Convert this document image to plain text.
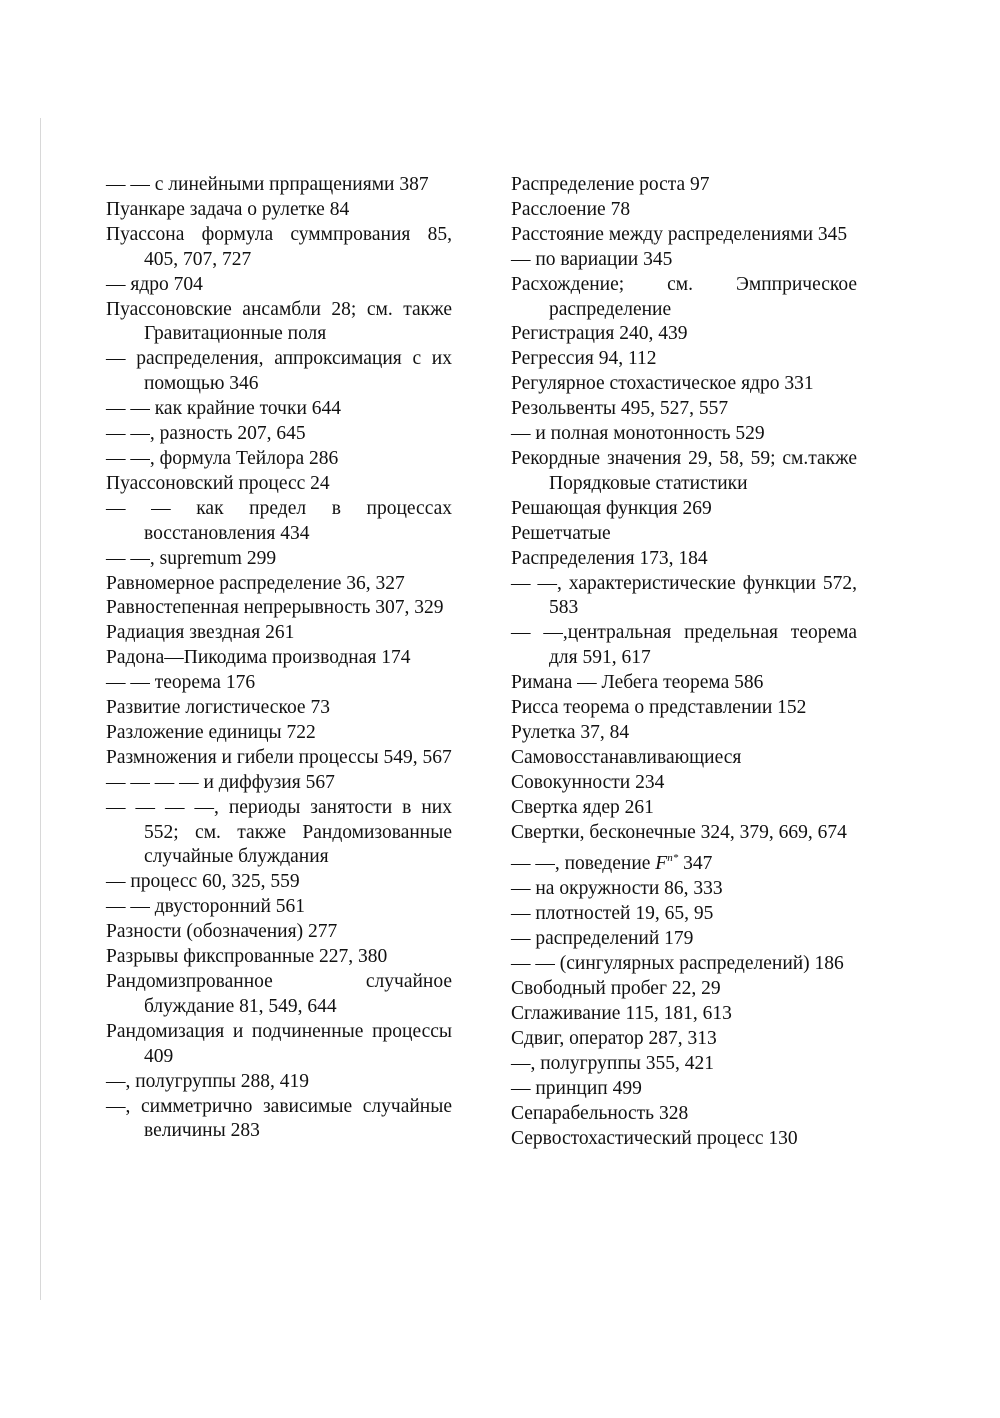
— — с линейными прпращениями 387

Пуанкаре задача о рулетке 84

Пуассона формула суммпрования 85, 405, 707, 727

— ядро 704

Пуассоновские ансамбли 28; см. также Гравитационные поля

— распределения, аппроксимация с их помощью 346

— — как крайние точки 644

— —, разность 207, 645

— —, формула Тейлора 286

Пуассоновский процесс 24

— — как предел в процессах восстановления 434

— —, supremum 299

Равномерное распределение 36, 327

Равностепенная непрерывность 307, 329

Радиация звездная 261

Радона—Пикодима производная 174

— — теорема 176

Развитие логистическое 73

Разложение единицы 722

Размножения и гибели процессы 549, 567

— — — — и диффузия 567

— — — —, периоды занятости в них 552; см. также Рандомизованные случайные блуждания

— процесс 60, 325, 559

— — двусторонний 561

Разности (обозначения) 277

Разрывы фикспрованные 227, 380

Рандомизпрованное случайное блуждание 81, 549, 644

Рандомизация и подчиненные процессы 409

—, полугруппы 288, 419

—, симметрично зависимые случайные величины 283

Распределение роста 97

Расслоение 78

Расстояние между распределениями 345

— по вариации 345

Расхождение; см. Эмпприческое распределение

Регистрация 240, 439

Регрессия 94, 112

Регулярное стохастическое ядро 331

Резольвенты 495, 527, 557

— и полная монотонность 529

Рекордные значения 29, 58, 59; см.также Порядковые статистики

Решающая функция 269

Решетчатые

Распределения 173, 184

— —, характеристические функции 572, 583

— —,центральная предельная теорема для 591, 617

Римана — Лебега теорема 586

Рисса теорема о представлении 152

Рулетка 37, 84

Самовосстанавливающиеся

Совокунности 234

Свертка ядер 261

Свертки, бесконечные 324, 379, 669, 674

— —, поведение $F^{n*}$ 347

— на окружности 86, 333

— плотностей 19, 65, 95

— распределений 179

— — (сингулярных распределений) 186

Свободный пробег 22, 29

Сглаживание 115, 181, 613

Сдвиг, оператор 287, 313

—, полугруппы 355, 421

— принцип 499

Сепарабельность 328

Сервостохастический процесс 130
